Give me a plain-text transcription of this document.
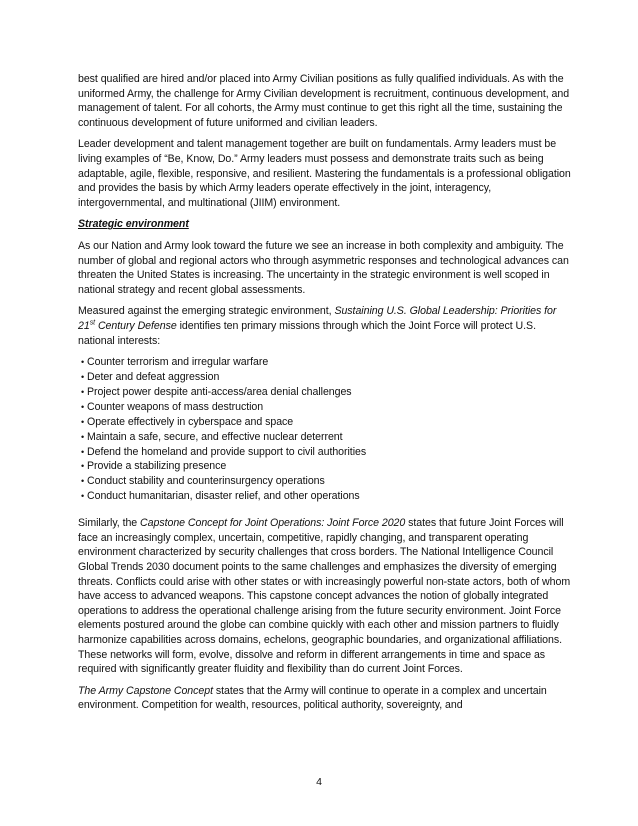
best qualified are hired and/or placed into Army Civilian positions as fully qualified individuals. As with the uniformed Army, the challenge for Army Civilian development is recruitment, continuous development, and management of talent. For all cohorts, the Army must continue to get this right all the time, sustaining the continuous development of future uniformed and civilian leaders.

Leader development and talent management together are built on fundamentals. Army leaders must be living examples of “Be, Know, Do.” Army leaders must possess and demonstrate traits such as being adaptable, agile, flexible, responsive, and resilient. Mastering the fundamentals is a professional obligation and provides the basis by which Army leaders operate effectively in the joint, interagency, intergovernmental, and multinational (JIIM) environment.

Strategic environment

As our Nation and Army look toward the future we see an increase in both complexity and ambiguity. The number of global and regional actors who through asymmetric responses and technological advances can threaten the United States is increasing. The uncertainty in the strategic environment is well scoped in national strategy and recent global assessments.

Measured against the emerging strategic environment, Sustaining U.S. Global Leadership: Priorities for 21st Century Defense identifies ten primary missions through which the Joint Force will protect U.S. national interests:

• Counter terrorism and irregular warfare
• Deter and defeat aggression
• Project power despite anti-access/area denial challenges
• Counter weapons of mass destruction
• Operate effectively in cyberspace and space
• Maintain a safe, secure, and effective nuclear deterrent
• Defend the homeland and provide support to civil authorities
• Provide a stabilizing presence
• Conduct stability and counterinsurgency operations
• Conduct humanitarian, disaster relief, and other operations

Similarly, the Capstone Concept for Joint Operations: Joint Force 2020 states that future Joint Forces will face an increasingly complex, uncertain, competitive, rapidly changing, and transparent operating environment characterized by security challenges that cross borders. The National Intelligence Council Global Trends 2030 document points to the same challenges and emphasizes the diversity of emerging threats. Conflicts could arise with other states or with increasingly powerful non-state actors, both of whom have access to advanced weapons. This capstone concept advances the notion of globally integrated operations to address the operational challenge arising from the future security environment. Joint Force elements postured around the globe can combine quickly with each other and mission partners to fluidly harmonize capabilities across domains, echelons, geographic boundaries, and organizational affiliations. These networks will form, evolve, dissolve and reform in different arrangements in time and space as required with significantly greater fluidity and flexibility than do current Joint Forces.

The Army Capstone Concept states that the Army will continue to operate in a complex and uncertain environment. Competition for wealth, resources, political authority, sovereignty, and

4
